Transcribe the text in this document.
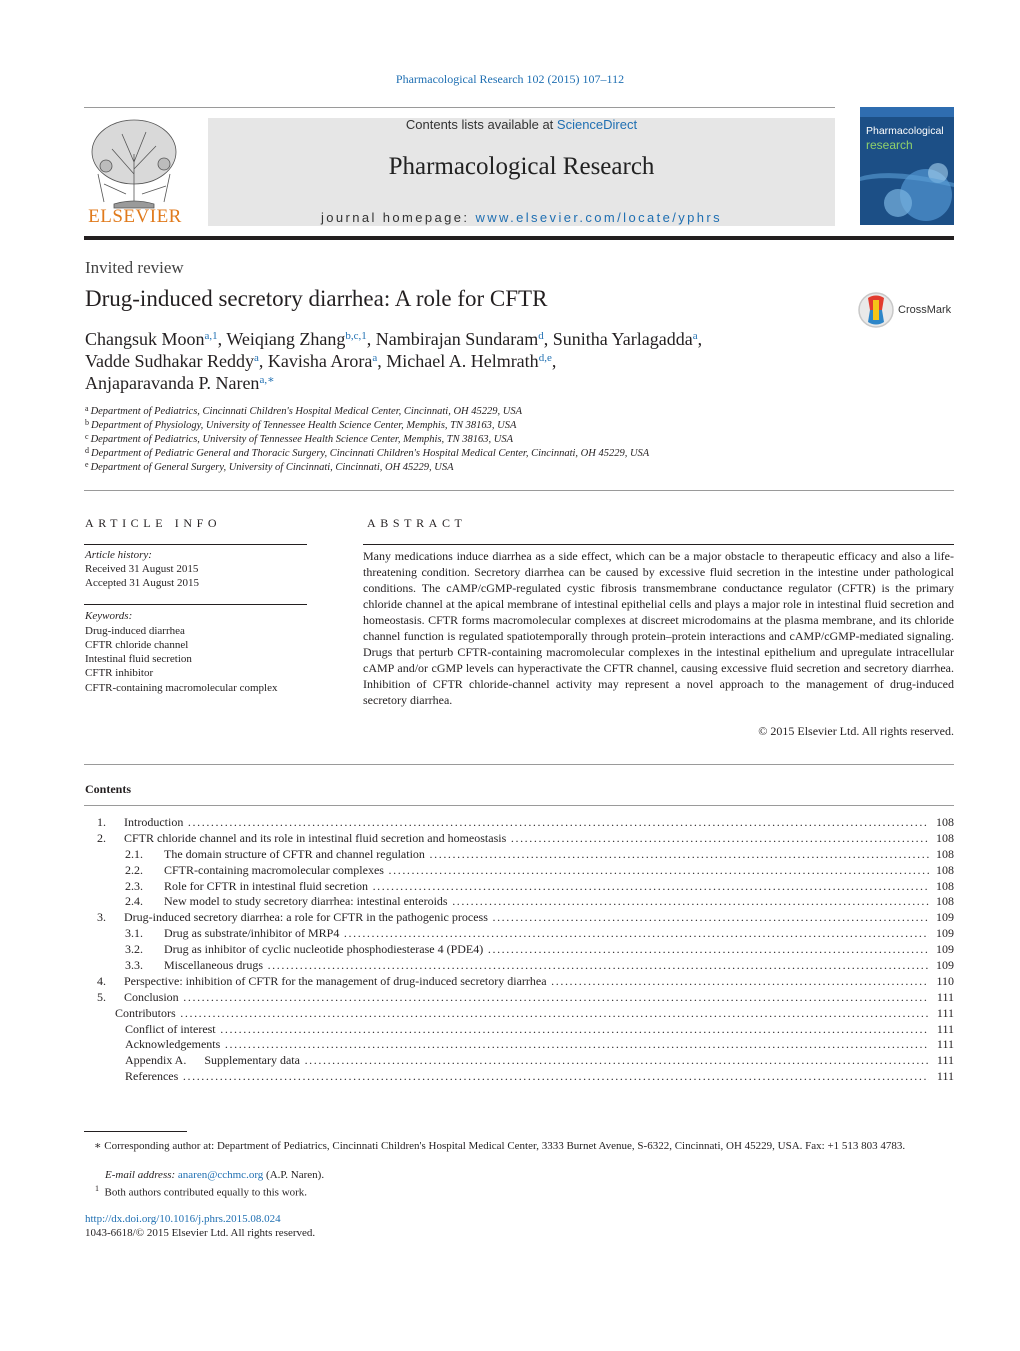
Pharmacological Research 102 (2015) 107–112
ELSEVIER
Contents lists available at ScienceDirect
Pharmacological Research
journal homepage: www.elsevier.com/locate/yphrs
Pharmacological
research
Invited review
Drug-induced secretory diarrhea: A role for CFTR	CrossMark
Changsuk Moon$^{a,1}$, Weiqiang Zhang$^{b,c,1}$, Nambirajan Sundaram$^d$, Sunitha Yarlagadda$^a$,
Vadde Sudhakar Reddy$^a$, Kavisha Arora$^a$, Michael A. Helmrath$^{d,e}$,
Anjaparavanda P. Naren$^{a,∗}$
$^a$ Department of Pediatrics, Cincinnati Children's Hospital Medical Center, Cincinnati, OH 45229, USA
$^b$ Department of Physiology, University of Tennessee Health Science Center, Memphis, TN 38163, USA
$^c$ Department of Pediatrics, University of Tennessee Health Science Center, Memphis, TN 38163, USA
$^d$ Department of Pediatric General and Thoracic Surgery, Cincinnati Children's Hospital Medical Center, Cincinnati, OH 45229, USA
$^e$ Department of General Surgery, University of Cincinnati, Cincinnati, OH 45229, USA
ARTICLE INFO
Article history:
Received 31 August 2015
Accepted 31 August 2015
Keywords:
Drug-induced diarrhea
CFTR chloride channel
Intestinal fluid secretion
CFTR inhibitor
CFTR-containing macromolecular complex
ABSTRACT
Many medications induce diarrhea as a side effect, which can be a major obstacle to therapeutic efficacy and also a life-threatening condition. Secretory diarrhea can be caused by excessive fluid secretion in the intestine under pathological conditions. The cAMP/cGMP-regulated cystic fibrosis transmembrane conductance regulator (CFTR) is the primary chloride channel at the apical membrane of intestinal epithelial cells and plays a major role in intestinal fluid secretion and homeostasis. CFTR forms macromolecular complexes at discreet microdomains at the plasma membrane, and its chloride channel function is regulated spatiotemporally through protein–protein interactions and cAMP/cGMP-mediated signaling. Drugs that perturb CFTR-containing macromolecular complexes in the intestinal epithelium and upregulate intracellular cAMP and/or cGMP levels can hyperactivate the CFTR channel, causing excessive fluid secretion and secretory diarrhea. Inhibition of CFTR chloride-channel activity may represent a novel approach to the management of drug-induced secretory diarrhea.
© 2015 Elsevier Ltd. All rights reserved.
Contents
1. Introduction .....	108
2. CFTR chloride channel and its role in intestinal fluid secretion and homeostasis .....	108
2.1. The domain structure of CFTR and channel regulation .....	108
2.2. CFTR-containing macromolecular complexes .....	108
2.3. Role for CFTR in intestinal fluid secretion .....	108
2.4. New model to study secretory diarrhea: intestinal enteroids .....	108
3. Drug-induced secretory diarrhea: a role for CFTR in the pathogenic process .....	109
3.1. Drug as substrate/inhibitor of MRP4 .....	109
3.2. Drug as inhibitor of cyclic nucleotide phosphodiesterase 4 (PDE4) .....	109
3.3. Miscellaneous drugs .....	109
4. Perspective: inhibition of CFTR for the management of drug-induced secretory diarrhea .....	110
5. Conclusion .....	111
Contributors .....	111
Conflict of interest .....	111
Acknowledgements .....	111
Appendix A.      Supplementary data .....	111
References .....	111
∗ Corresponding author at: Department of Pediatrics, Cincinnati Children's Hospital Medical Center, 3333 Burnet Avenue, S-6322, Cincinnati, OH 45229, USA. Fax: +1 513 803 4783.
E-mail address: anaren@cchmc.org (A.P. Naren).
$^1$ Both authors contributed equally to this work.
http://dx.doi.org/10.1016/j.phrs.2015.08.024
1043-6618/© 2015 Elsevier Ltd. All rights reserved.
